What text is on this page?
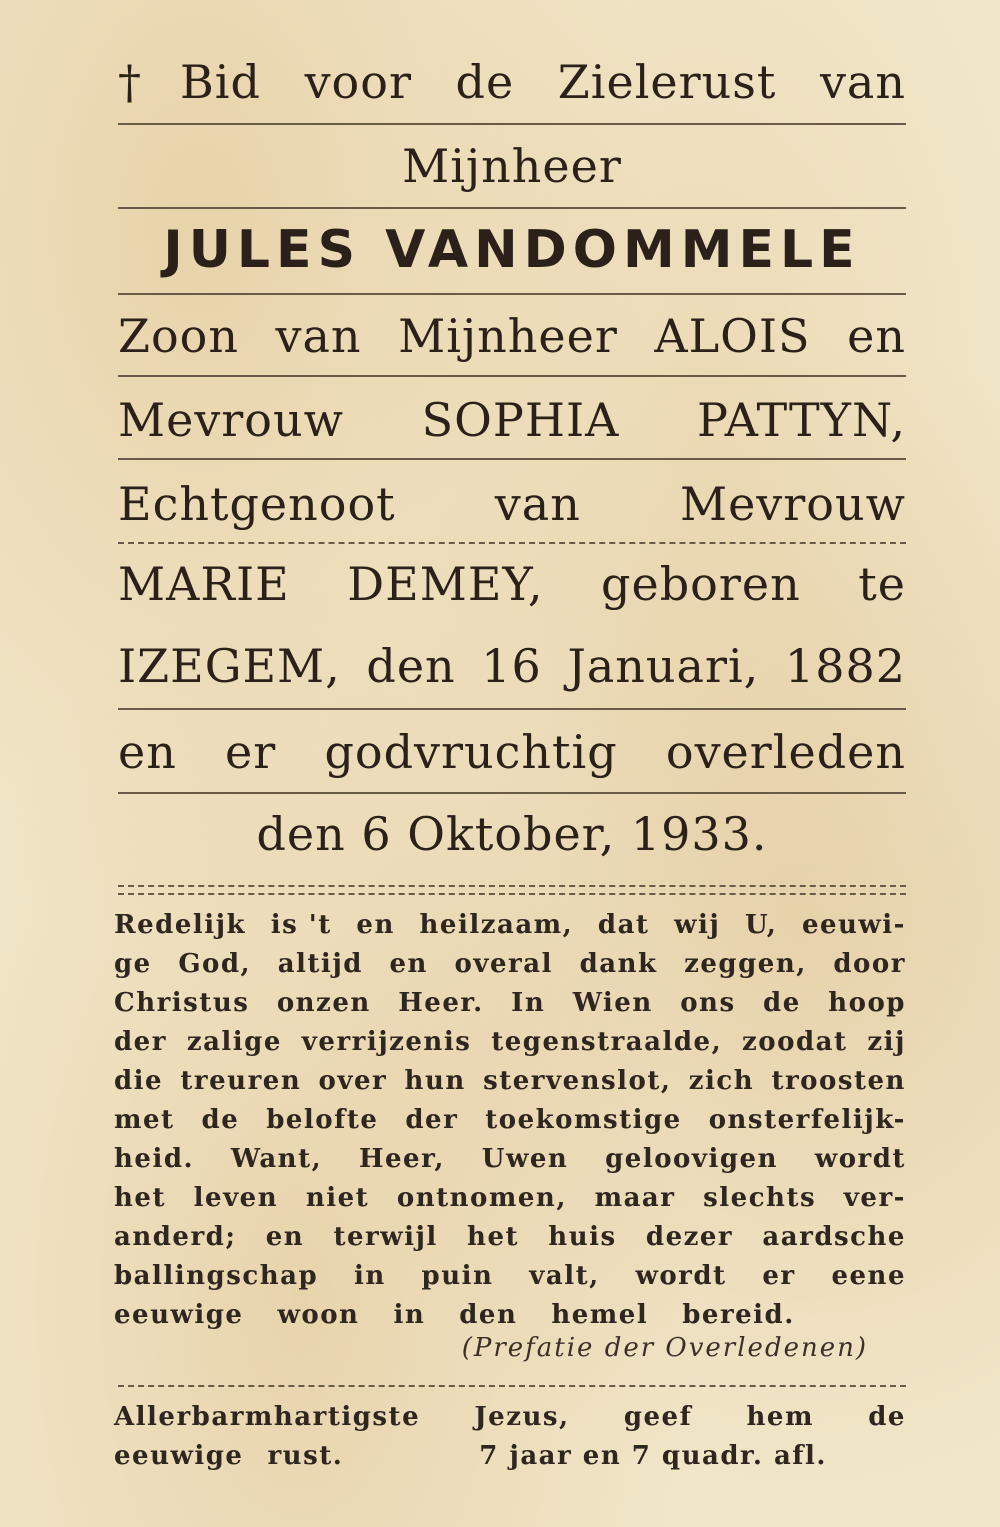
† Bid voor de Zielerust van
Mijnheer
JULES VANDOMMELE
Zoon van Mijnheer ALOIS en
Mevrouw SOPHIA PATTYN,
Echtgenoot van Mevrouw
MARIE DEMEY, geboren te
IZEGEM, den 16 Januari, 1882
en er godvruchtig overleden
den 6 Oktober, 1933.
Redelijk is 't en heilzaam, dat wij U, eeuwi-
ge God, altijd en overal dank zeggen, door
Christus onzen Heer. In Wien ons de hoop
der zalige verrijzenis tegenstraalde, zoodat zij
die treuren over hun stervenslot, zich troosten
met de belofte der toekomstige onsterfelijk-
heid. Want, Heer, Uwen geloovigen wordt
het leven niet ontnomen, maar slechts ver-
anderd; en terwijl het huis dezer aardsche
ballingschap in puin valt, wordt er eene
eeuwige woon in den hemel bereid.
(Prefatie der Overledenen)
Allerbarmhartigste Jezus, geef hem de
eeuwige rust.	7 jaar en 7 quadr. afl.
